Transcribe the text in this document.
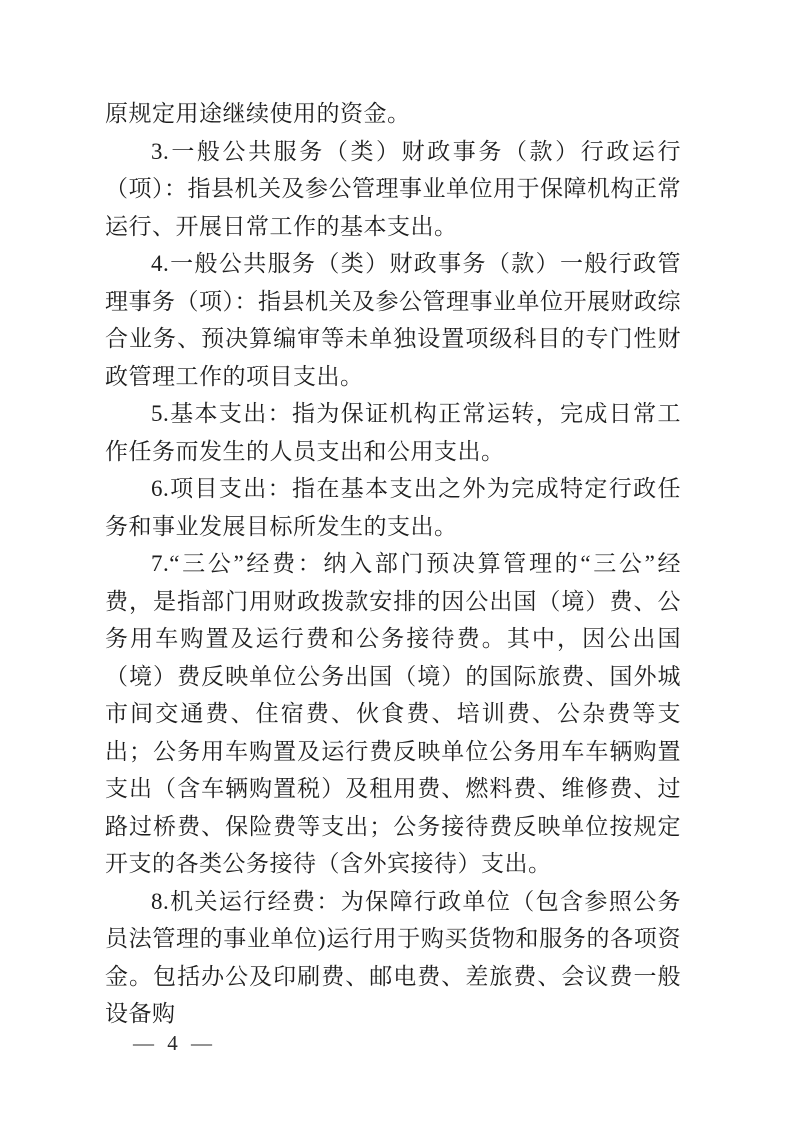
原规定用途继续使用的资金。

3.一般公共服务（类）财政事务（款）行政运行（项）：指县机关及参公管理事业单位用于保障机构正常运行、开展日常工作的基本支出。

4.一般公共服务（类）财政事务（款）一般行政管理事务（项）：指县机关及参公管理事业单位开展财政综合业务、预决算编审等未单独设置项级科目的专门性财政管理工作的项目支出。

5.基本支出：指为保证机构正常运转，完成日常工作任务而发生的人员支出和公用支出。

6.项目支出：指在基本支出之外为完成特定行政任务和事业发展目标所发生的支出。

7.“三公”经费：纳入部门预决算管理的“三公”经费，是指部门用财政拨款安排的因公出国（境）费、公务用车购置及运行费和公务接待费。其中，因公出国（境）费反映单位公务出国（境）的国际旅费、国外城市间交通费、住宿费、伙食费、培训费、公杂费等支出；公务用车购置及运行费反映单位公务用车车辆购置支出（含车辆购置税）及租用费、燃料费、维修费、过路过桥费、保险费等支出；公务接待费反映单位按规定开支的各类公务接待（含外宾接待）支出。

8.机关运行经费：为保障行政单位（包含参照公务员法管理的事业单位)运行用于购买货物和服务的各项资金。包括办公及印刷费、邮电费、差旅费、会议费一般设备购

— 4 —
